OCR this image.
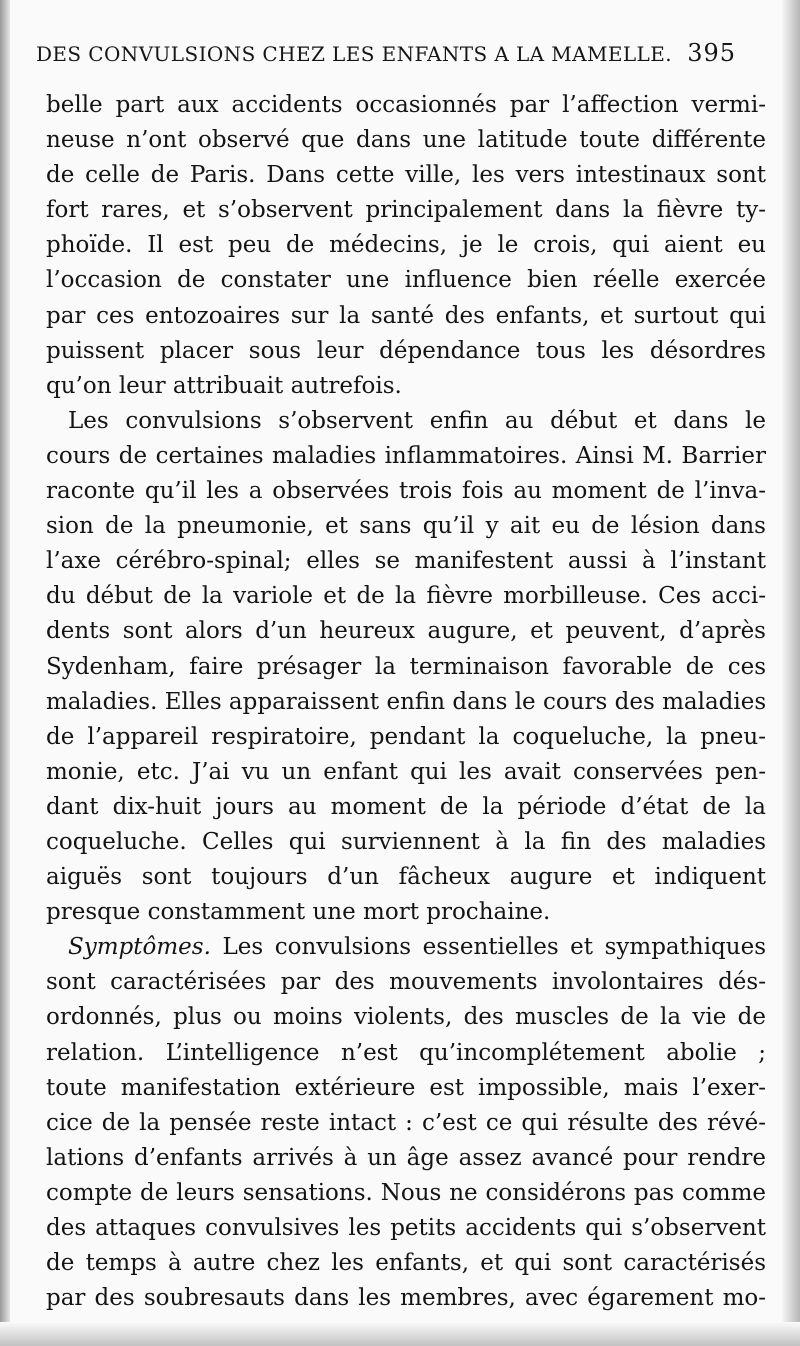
DES CONVULSIONS CHEZ LES ENFANTS A LA MAMELLE. 395
belle part aux accidents occasionnés par l’affection vermi-
neuse n’ont observé que dans une latitude toute différente
de celle de Paris. Dans cette ville, les vers intestinaux sont
fort rares, et s’observent principalement dans la fièvre ty-
phoïde. Il est peu de médecins, je le crois, qui aient eu
l’occasion de constater une influence bien réelle exercée
par ces entozoaires sur la santé des enfants, et surtout qui
puissent placer sous leur dépendance tous les désordres
qu’on leur attribuait autrefois.
Les convulsions s’observent enfin au début et dans le
cours de certaines maladies inflammatoires. Ainsi M. Barrier
raconte qu’il les a observées trois fois au moment de l’inva-
sion de la pneumonie, et sans qu’il y ait eu de lésion dans
l’axe cérébro-spinal; elles se manifestent aussi à l’instant
du début de la variole et de la fièvre morbilleuse. Ces acci-
dents sont alors d’un heureux augure, et peuvent, d’après
Sydenham, faire présager la terminaison favorable de ces
maladies. Elles apparaissent enfin dans le cours des maladies
de l’appareil respiratoire, pendant la coqueluche, la pneu-
monie, etc. J’ai vu un enfant qui les avait conservées pen-
dant dix-huit jours au moment de la période d’état de la
coqueluche. Celles qui surviennent à la fin des maladies
aiguës sont toujours d’un fâcheux augure et indiquent
presque constamment une mort prochaine.
Symptômes. Les convulsions essentielles et sympathiques
sont caractérisées par des mouvements involontaires dés-
ordonnés, plus ou moins violents, des muscles de la vie de
relation. L’intelligence n’est qu’incomplétement abolie ;
toute manifestation extérieure est impossible, mais l’exer-
cice de la pensée reste intact : c’est ce qui résulte des révé-
lations d’enfants arrivés à un âge assez avancé pour rendre
compte de leurs sensations. Nous ne considérons pas comme
des attaques convulsives les petits accidents qui s’observent
de temps à autre chez les enfants, et qui sont caractérisés
par des soubresauts dans les membres, avec égarement mo-
